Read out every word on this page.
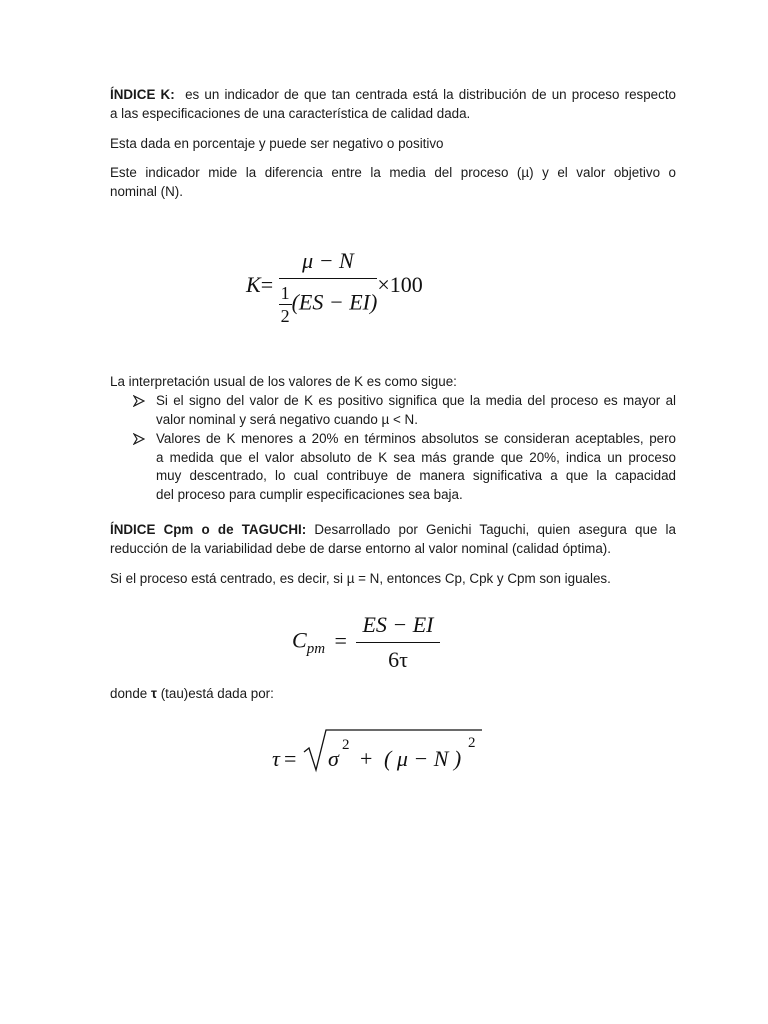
ÍNDICE K: es un indicador de que tan centrada está la distribución de un proceso respecto
a las especificaciones de una característica de calidad dada.

Esta dada en porcentaje y puede ser negativo o positivo

Este indicador mide la diferencia entre la media del proceso (µ) y el valor objetivo o
nominal (N).

$K= \frac{\mu - N}{\frac{1}{2} (ES - EI)} \times 100$

La interpretación usual de los valores de K es como sigue:

Si el signo del valor de K es positivo significa que la media del proceso es mayor al
valor nominal y será negativo cuando µ < N.
Valores de K menores a 20% en términos absolutos se consideran aceptables, pero
a medida que el valor absoluto de K sea más grande que 20%, indica un proceso
muy descentrado, lo cual contribuye de manera significativa a que la capacidad
del proceso para cumplir especificaciones sea baja.

ÍNDICE Cpm o de TAGUCHI: Desarrollado por Genichi Taguchi, quien asegura que la
reducción de la variabilidad debe de darse entorno al valor nominal (calidad óptima).

Si el proceso está centrado, es decir, si µ = N, entonces Cp, Cpk y Cpm son iguales.

$C_{pm} = \frac{ES - EI}{6\tau}$

donde τ (tau)está dada por:

τ = σ
2
+ ( μ − N )
2
